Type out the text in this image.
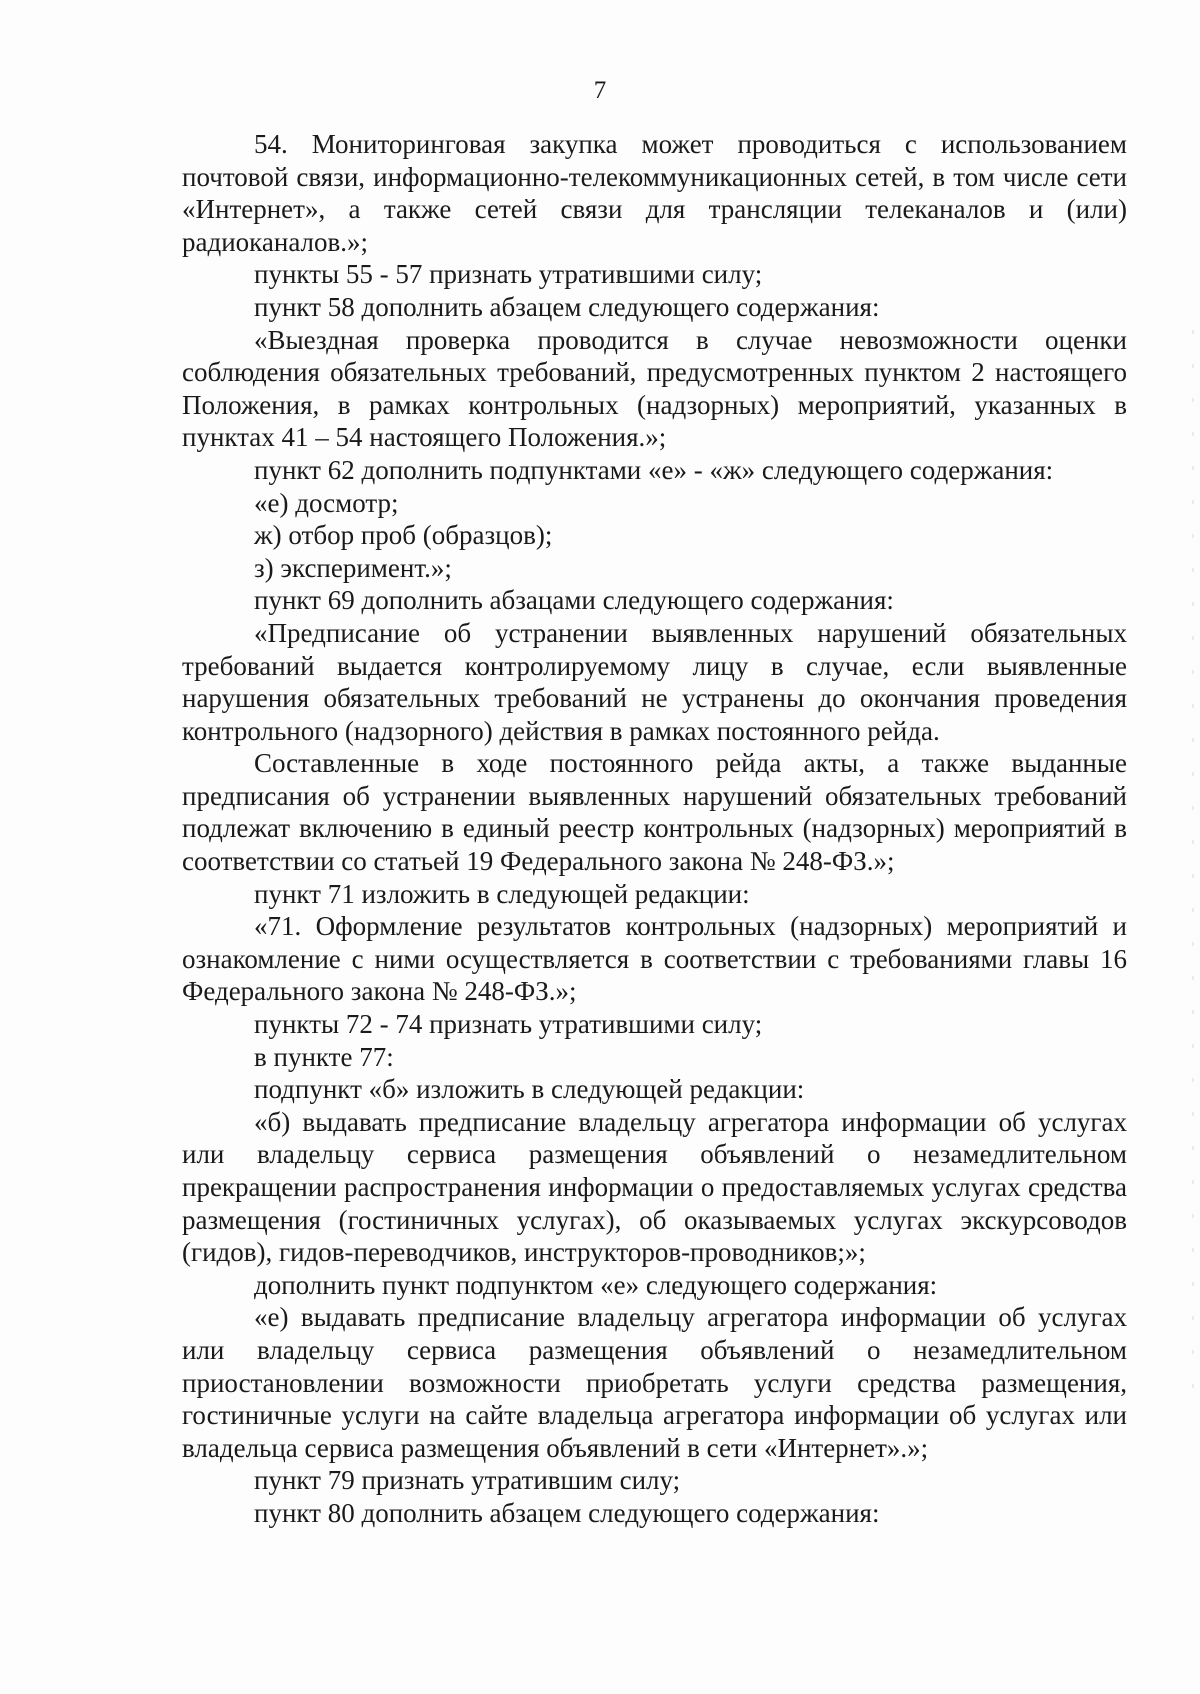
7

54. Мониторинговая закупка может проводиться с использованием почтовой связи, информационно-телекоммуникационных сетей, в том числе сети «Интернет», а также сетей связи для трансляции телеканалов и (или) радиоканалов.»;

пункты 55 - 57 признать утратившими силу;

пункт 58 дополнить абзацем следующего содержания:

«Выездная проверка проводится в случае невозможности оценки соблюдения обязательных требований, предусмотренных пунктом 2 настоящего Положения, в рамках контрольных (надзорных) мероприятий, указанных в пунктах 41 – 54 настоящего Положения.»;

пункт 62 дополнить подпунктами «е» - «ж» следующего содержания:

«е) досмотр;

ж) отбор проб (образцов);

з) эксперимент.»;

пункт 69 дополнить абзацами следующего содержания:

«Предписание об устранении выявленных нарушений обязательных требований выдается контролируемому лицу в случае, если выявленные нарушения обязательных требований не устранены до окончания проведения контрольного (надзорного) действия в рамках постоянного рейда.

Составленные в ходе постоянного рейда акты, а также выданные предписания об устранении выявленных нарушений обязательных требований подлежат включению в единый реестр контрольных (надзорных) мероприятий в соответствии со статьей 19 Федерального закона № 248-ФЗ.»;

пункт 71 изложить в следующей редакции:

«71. Оформление результатов контрольных (надзорных) мероприятий и ознакомление с ними осуществляется в соответствии с требованиями главы 16 Федерального закона № 248-ФЗ.»;

пункты 72 - 74 признать утратившими силу;

в пункте 77:

подпункт «б» изложить в следующей редакции:

«б) выдавать предписание владельцу агрегатора информации об услугах или владельцу сервиса размещения объявлений о незамедлительном прекращении распространения информации о предоставляемых услугах средства размещения (гостиничных услугах), об оказываемых услугах экскурсоводов (гидов), гидов-переводчиков, инструкторов-проводников;»;

дополнить пункт подпунктом «е» следующего содержания:

«е) выдавать предписание владельцу агрегатора информации об услугах или владельцу сервиса размещения объявлений о незамедлительном приостановлении возможности приобретать услуги средства размещения, гостиничные услуги на сайте владельца агрегатора информации об услугах или владельца сервиса размещения объявлений в сети «Интернет».»;

пункт 79 признать утратившим силу;

пункт 80 дополнить абзацем следующего содержания:
